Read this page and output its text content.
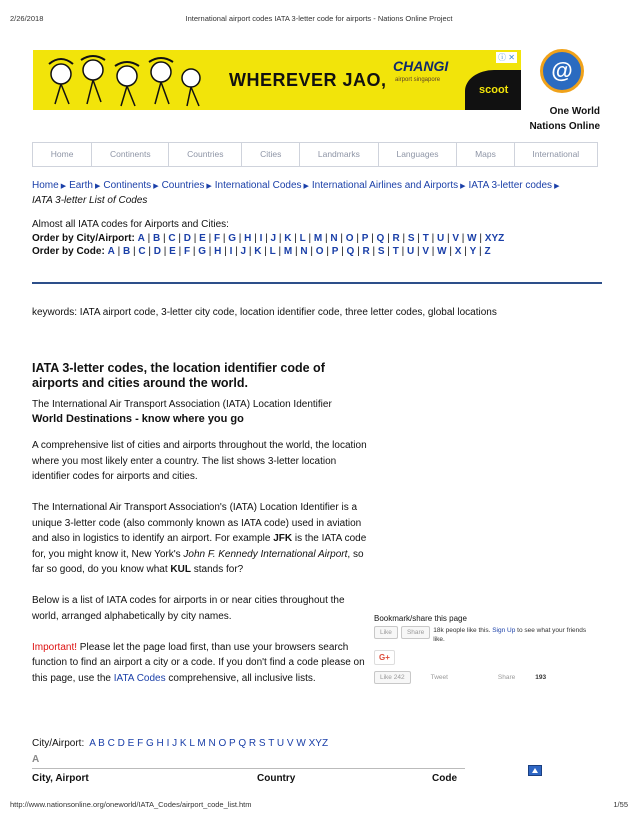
2/26/2018	International airport codes IATA 3-letter code for airports - Nations Online Project
WHEREVER JAO,
CHANGI
airport singapore
scoot
ⓘ ✕
@
One World
Nations Online
Home	Continents	Countries	Cities	Landmarks	Languages	Maps	International
Home ▶ Earth ▶ Continents ▶ Countries ▶ International Codes ▶ International Airlines and Airports ▶ IATA 3-letter codes ▶
IATA 3-letter List of Codes
Almost all IATA codes for Airports and Cities:
Order by City/Airport: A | B | C | D | E | F | G | H | I | J | K | L | M | N | O | P | Q | R | S | T | U | V | W | XYZ
Order by Code: A | B | C | D | E | F | G | H | I | J | K | L | M | N | O | P | Q | R | S | T | U | V | W | X | Y | Z
keywords: IATA airport code, 3-letter city code, location identifier code, three letter codes, global locations
IATA 3-letter codes, the location identifier code of airports and cities around the world.
The International Air Transport Association (IATA) Location Identifier
World Destinations - know where you go

A comprehensive list of cities and airports throughout the world, the location where you most likely enter a country. The list shows 3-letter location identifier codes for airports and cities.

The International Air Transport Association's (IATA) Location Identifier is a unique 3-letter code (also commonly known as IATA code) used in aviation and also in logistics to identify an airport. For example JFK is the IATA code for, you might know it, New York's John F. Kennedy International Airport, so far so good, do you know what KUL stands for?

Below is a list of IATA codes for airports in or near cities throughout the world, arranged alphabetically by city names.

Important! Please let the page load first, than use your browsers search function to find an airport a city or a code. If you don't find a code please on this page, use the IATA Codes comprehensive, all inclusive lists.

Bookmark/share this page
Like	Share	18k people like this. Sign Up to see what your friends like.
G+
Like 242	Tweet	Share	193
City/Airport: A B C D E F G H I J K L M N O P Q R S T U V W XYZ
A
City, Airport	Country	Code
http://www.nationsonline.org/oneworld/IATA_Codes/airport_code_list.htm	1/55
